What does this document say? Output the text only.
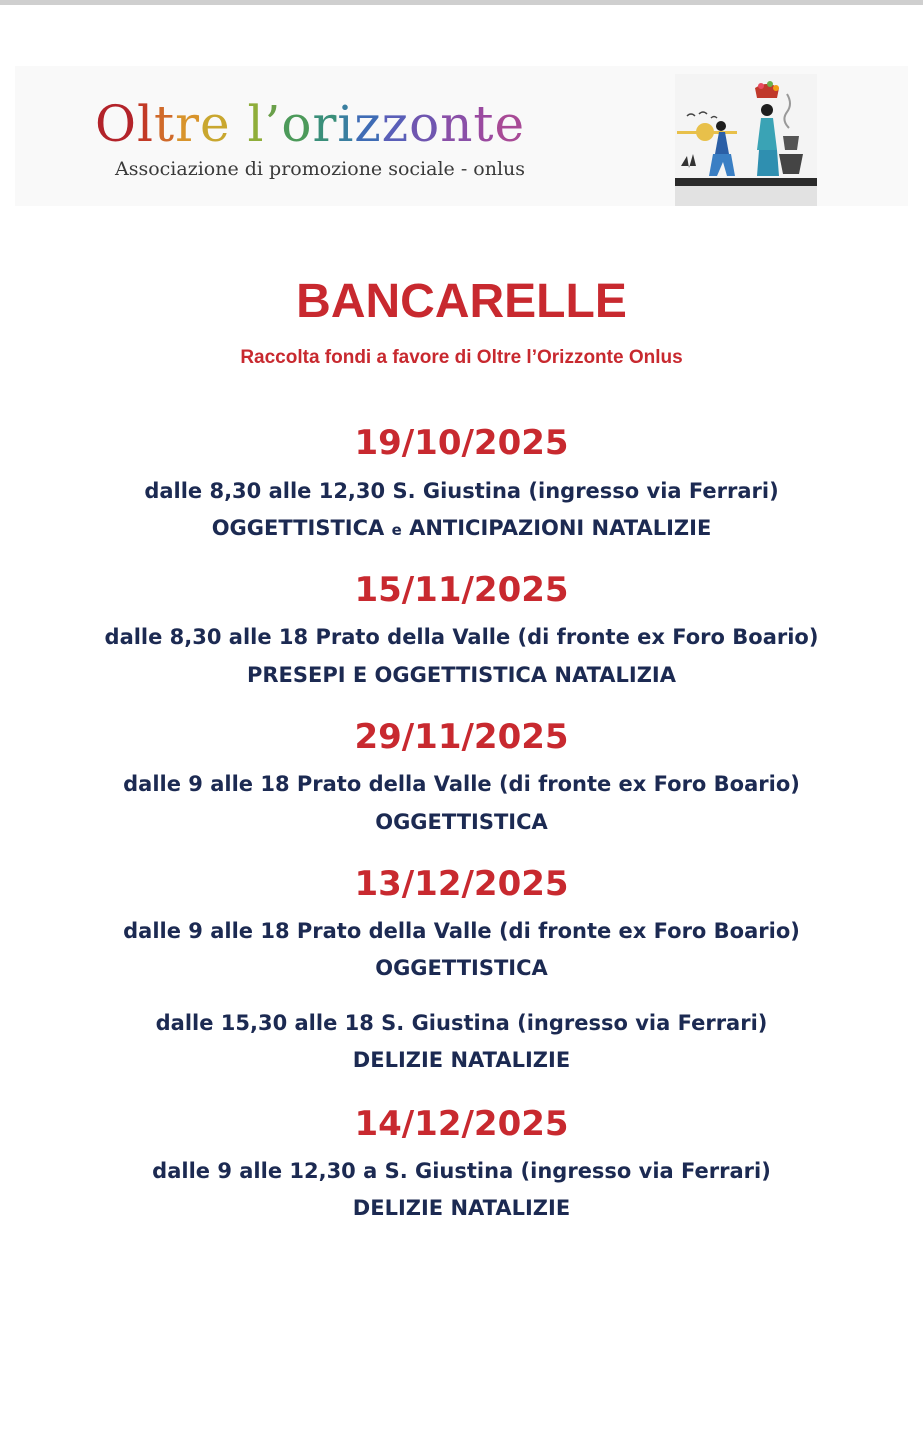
Oltre l’orizzonte
Associazione di promozione sociale - onlus
BANCARELLE
Raccolta fondi a favore di Oltre l’Orizzonte Onlus
19/10/2025
dalle 8,30 alle 12,30 S. Giustina (ingresso via Ferrari)
OGGETTISTICA e ANTICIPAZIONI NATALIZIE
15/11/2025
dalle 8,30 alle 18 Prato della Valle (di fronte ex Foro Boario)
PRESEPI E OGGETTISTICA NATALIZIA
29/11/2025
dalle 9 alle 18 Prato della Valle (di fronte ex Foro Boario)
OGGETTISTICA
13/12/2025
dalle 9 alle 18 Prato della Valle (di fronte ex Foro Boario)
OGGETTISTICA
dalle 15,30 alle 18 S. Giustina (ingresso via Ferrari)
DELIZIE NATALIZIE
14/12/2025
dalle 9 alle 12,30 a S. Giustina (ingresso via Ferrari)
DELIZIE NATALIZIE
